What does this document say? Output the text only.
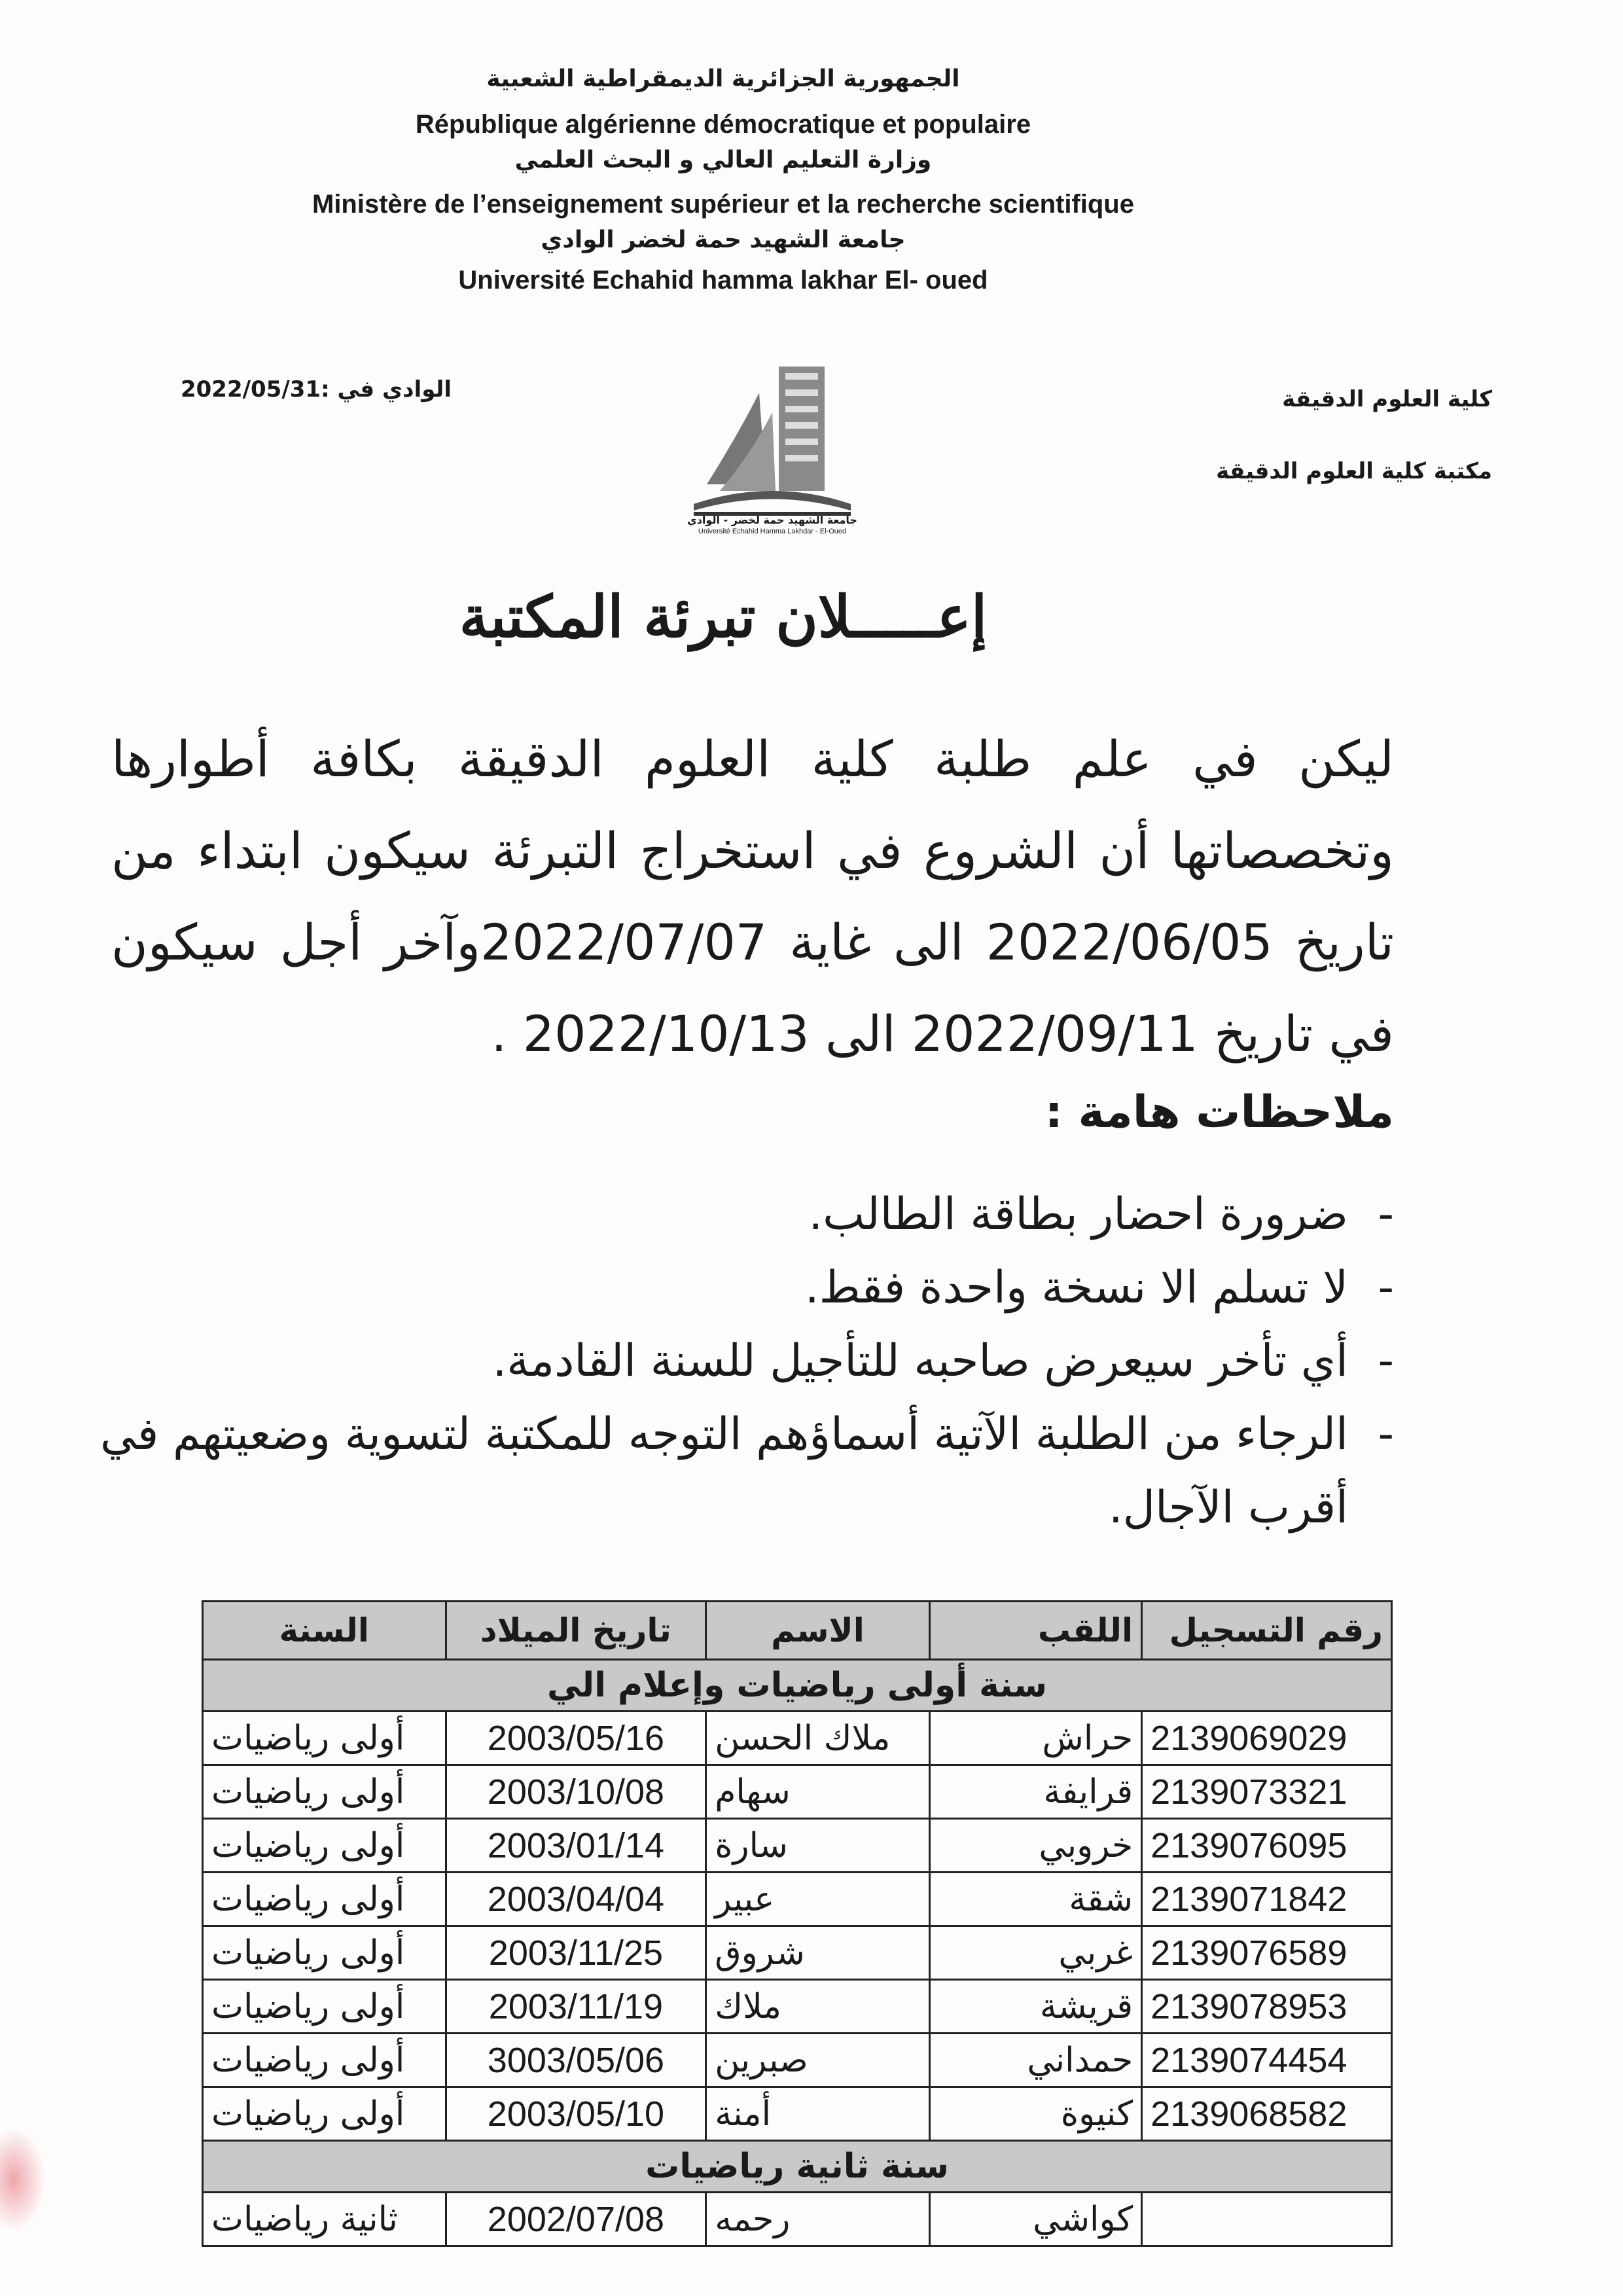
الجمهورية الجزائرية الديمقراطية الشعبية
République algérienne démocratique et populaire
وزارة التعليم العالي و البحث العلمي
Ministère de l’enseignement supérieur et la recherche scientifique
جامعة الشهيد حمة لخضر الوادي
Université Echahid hamma lakhar El- oued
الوادي في :2022/05/31	كلية العلوم الدقيقة
مكتبة كلية العلوم الدقيقة
جامعة الشهيد حمة لخضر - الوادي
Université Echahid Hamma Lakhdar - El-Oued
إعـــــلان تبرئة المكتبة
ليكن في علم طلبة كلية العلوم الدقيقة بكافة أطوارها وتخصصاتها أن الشروع في استخراج التبرئة سيكون ابتداء من تاريخ 2022/06/05 الى غاية 2022/07/07وآخر أجل سيكون في تاريخ 2022/09/11 الى 2022/10/13 .
ملاحظات هامة :
- ضرورة احضار بطاقة الطالب.
- لا تسلم الا نسخة واحدة فقط.
- أي تأخر سيعرض صاحبه للتأجيل للسنة القادمة.
- الرجاء من الطلبة الآتية أسماؤهم التوجه للمكتبة لتسوية وضعيتهم في أقرب الآجال.
رقم التسجيل	اللقب	الاسم	تاريخ الميلاد	السنة
سنة أولى رياضيات وإعلام الي				
2139069029	حراش	ملاك الحسن	2003/05/16	أولى رياضيات
2139073321	قرايفة	سهام	2003/10/08	أولى رياضيات
2139076095	خروبي	سارة	2003/01/14	أولى رياضيات
2139071842	شقة	عبير	2003/04/04	أولى رياضيات
2139076589	غربي	شروق	2003/11/25	أولى رياضيات
2139078953	قريشة	ملاك	2003/11/19	أولى رياضيات
2139074454	حمداني	صبرين	3003/05/06	أولى رياضيات
2139068582	كنيوة	أمنة	2003/05/10	أولى رياضيات
سنة ثانية رياضيات				
	كواشي	رحمه	2002/07/08	ثانية رياضيات
